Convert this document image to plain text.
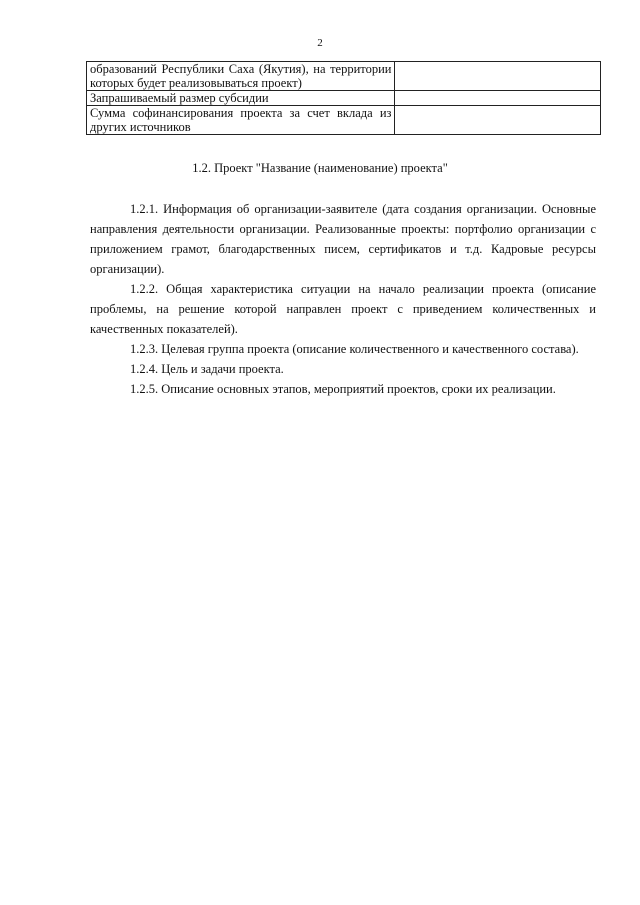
2
образований Республики Саха (Якутия), на территории которых будет реализовываться проект)	
Запрашиваемый размер субсидии	
Сумма софинансирования проекта за счет вклада из других источников	
1.2. Проект "Название (наименование) проекта"

1.2.1. Информация об организации-заявителе (дата создания организации. Основные направления деятельности организации. Реализованные проекты: портфолио организации с приложением грамот, благодарственных писем, сертификатов и т.д. Кадровые ресурсы организации).

1.2.2. Общая характеристика ситуации на начало реализации проекта (описание проблемы, на решение которой направлен проект с приведением количественных и качественных показателей).

1.2.3. Целевая группа проекта (описание количественного и качественного состава).

1.2.4. Цель и задачи проекта.

1.2.5. Описание основных этапов, мероприятий проектов, сроки их реализации.
